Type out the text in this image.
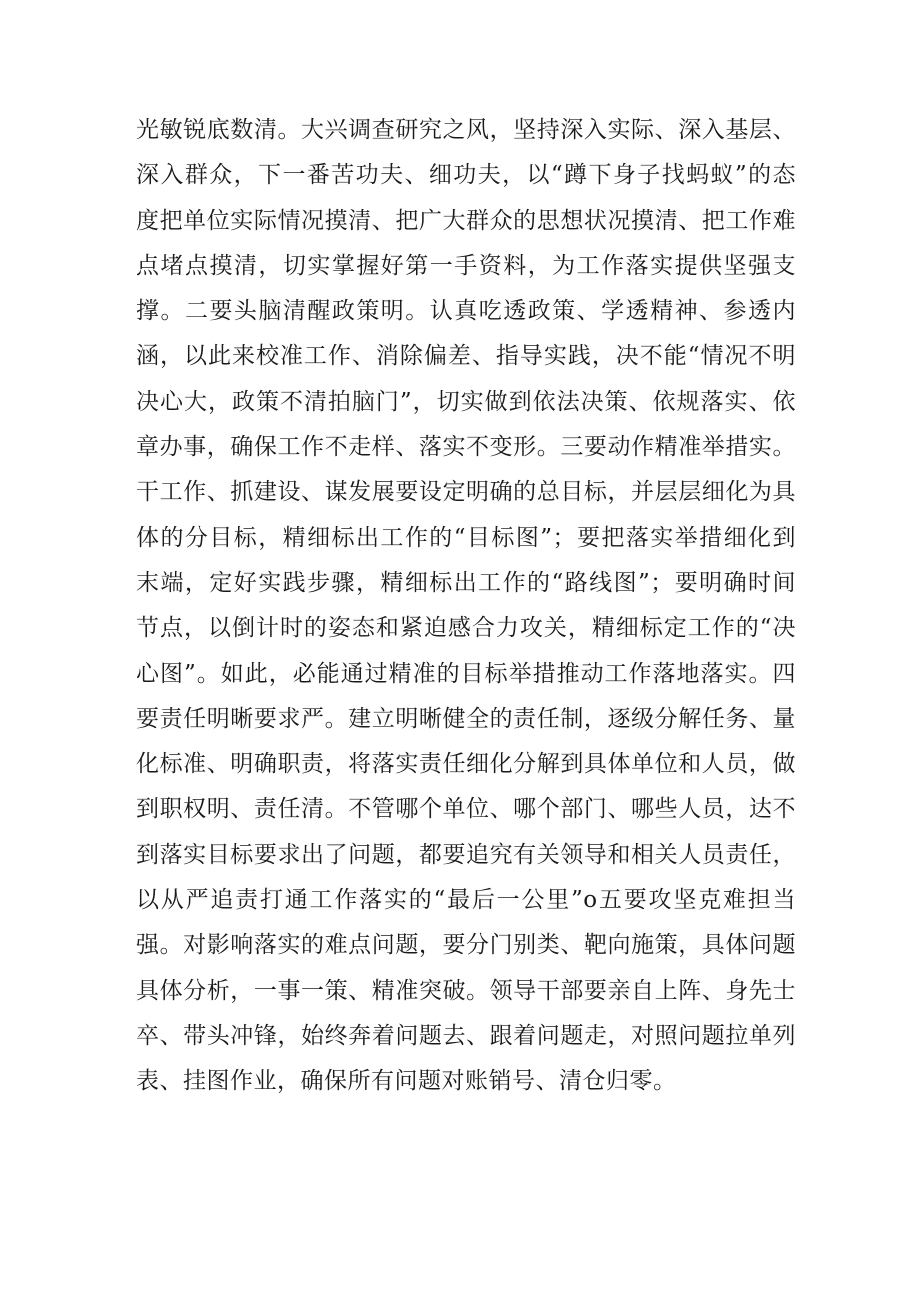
光敏锐底数清。大兴调查研究之风，坚持深入实际、深入基层、
深入群众，下一番苦功夫、细功夫，以“蹲下身子找蚂蚁”的态
度把单位实际情况摸清、把广大群众的思想状况摸清、把工作难
点堵点摸清，切实掌握好第一手资料，为工作落实提供坚强支
撑。二要头脑清醒政策明。认真吃透政策、学透精神、参透内
涵，以此来校准工作、消除偏差、指导实践，决不能“情况不明
决心大，政策不清拍脑门”，切实做到依法决策、依规落实、依
章办事，确保工作不走样、落实不变形。三要动作精准举措实。
干工作、抓建设、谋发展要设定明确的总目标，并层层细化为具
体的分目标，精细标出工作的“目标图”；要把落实举措细化到
末端，定好实践步骤，精细标出工作的“路线图”；要明确时间
节点，以倒计时的姿态和紧迫感合力攻关，精细标定工作的“决
心图”。如此，必能通过精准的目标举措推动工作落地落实。四
要责任明晰要求严。建立明晰健全的责任制，逐级分解任务、量
化标准、明确职责，将落实责任细化分解到具体单位和人员，做
到职权明、责任清。不管哪个单位、哪个部门、哪些人员，达不
到落实目标要求出了问题，都要追究有关领导和相关人员责任，
以从严追责打通工作落实的“最后一公里”o五要攻坚克难担当
强。对影响落实的难点问题，要分门别类、靶向施策，具体问题
具体分析，一事一策、精准突破。领导干部要亲自上阵、身先士
卒、带头冲锋，始终奔着问题去、跟着问题走，对照问题拉单列
表、挂图作业，确保所有问题对账销号、清仓归零。
